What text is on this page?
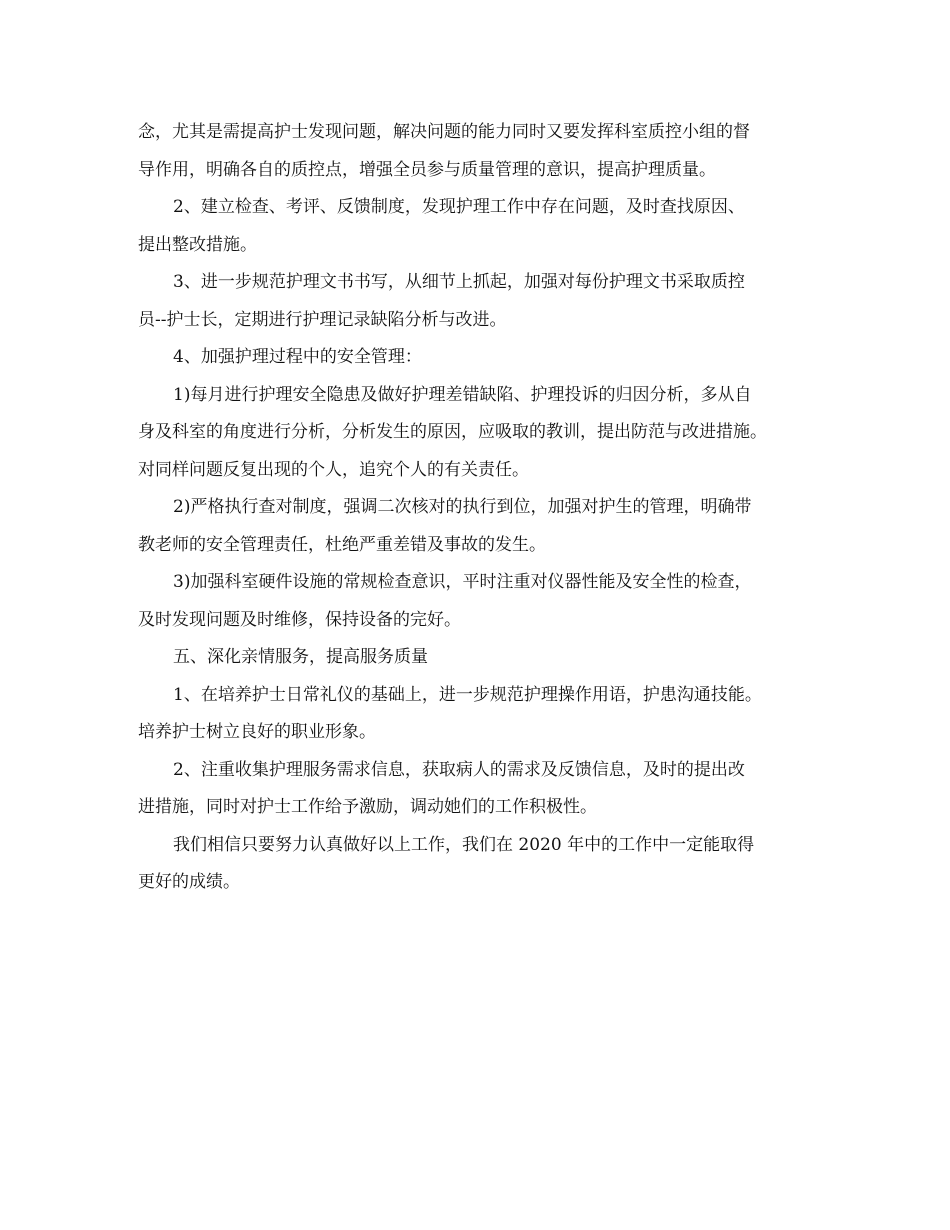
念，尤其是需提高护士发现问题，解决问题的能力同时又要发挥科室质控小组的督
导作用，明确各自的质控点，增强全员参与质量管理的意识，提高护理质量。
2、建立检查、考评、反馈制度，发现护理工作中存在问题，及时查找原因、
提出整改措施。
3、进一步规范护理文书书写，从细节上抓起，加强对每份护理文书采取质控
员--护士长，定期进行护理记录缺陷分析与改进。
4、加强护理过程中的安全管理：
1)每月进行护理安全隐患及做好护理差错缺陷、护理投诉的归因分析，多从自
身及科室的角度进行分析，分析发生的原因，应吸取的教训，提出防范与改进措施。
对同样问题反复出现的个人，追究个人的有关责任。
2)严格执行查对制度，强调二次核对的执行到位，加强对护生的管理，明确带
教老师的安全管理责任，杜绝严重差错及事故的发生。
3)加强科室硬件设施的常规检查意识，平时注重对仪器性能及安全性的检查，
及时发现问题及时维修，保持设备的完好。
五、深化亲情服务，提高服务质量
1、在培养护士日常礼仪的基础上，进一步规范护理操作用语，护患沟通技能。
培养护士树立良好的职业形象。
2、注重收集护理服务需求信息，获取病人的需求及反馈信息，及时的提出改
进措施，同时对护士工作给予激励，调动她们的工作积极性。
我们相信只要努力认真做好以上工作，我们在 2020 年中的工作中一定能取得
更好的成绩。
